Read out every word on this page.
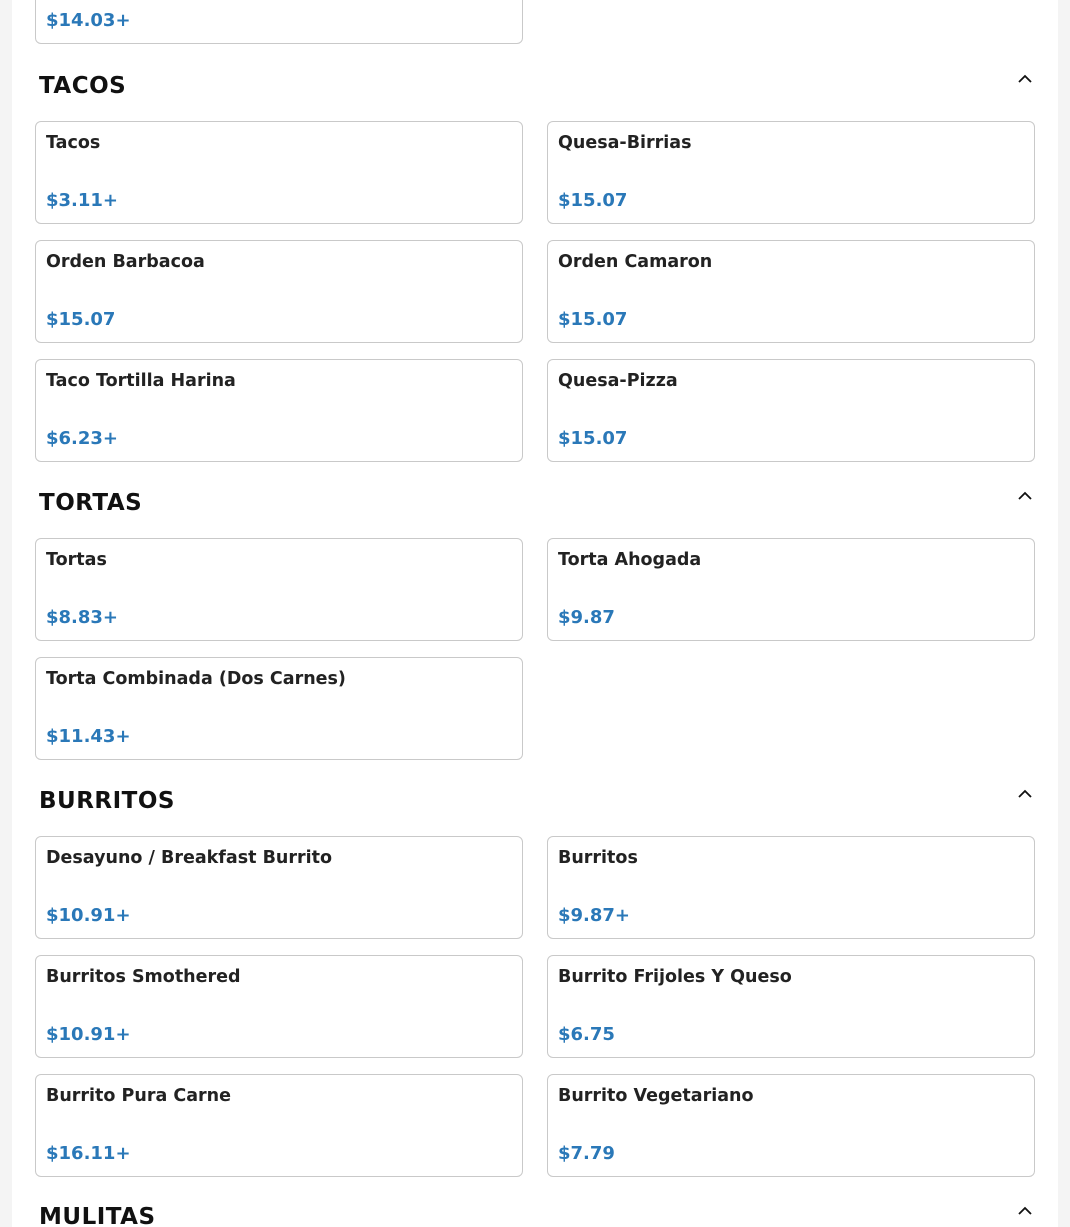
$14.03+
TACOS
Tacos
$3.11+
Quesa-Birrias
$15.07
Orden Barbacoa
$15.07
Orden Camaron
$15.07
Taco Tortilla Harina
$6.23+
Quesa-Pizza
$15.07
TORTAS
Tortas
$8.83+
Torta Ahogada
$9.87
Torta Combinada (Dos Carnes)
$11.43+
BURRITOS
Desayuno / Breakfast Burrito
$10.91+
Burritos
$9.87+
Burritos Smothered
$10.91+
Burrito Frijoles Y Queso
$6.75
Burrito Pura Carne
$16.11+
Burrito Vegetariano
$7.79
MULITAS
